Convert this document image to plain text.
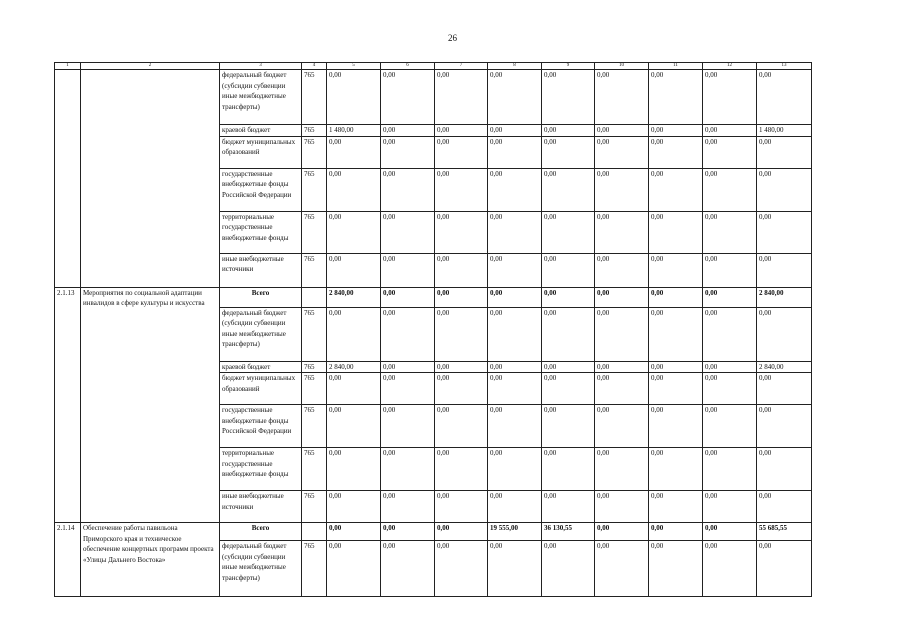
26
1	2	3	4	5	6	7	8	9	10	11	12	13
		федеральный бюджет (субсидии субвенции иные межбюджетные трансферты)	765	0,00	0,00	0,00	0,00	0,00	0,00	0,00	0,00	0,00
		краевой бюджет	765	1 480,00	0,00	0,00	0,00	0,00	0,00	0,00	0,00	1 480,00
		бюджет муниципальных образований	765	0,00	0,00	0,00	0,00	0,00	0,00	0,00	0,00	0,00
		государственные внебюджетные фонды Российской Федерации	765	0,00	0,00	0,00	0,00	0,00	0,00	0,00	0,00	0,00
		территориальные государственные внебюджетные фонды	765	0,00	0,00	0,00	0,00	0,00	0,00	0,00	0,00	0,00
		иные внебюджетные источники	765	0,00	0,00	0,00	0,00	0,00	0,00	0,00	0,00	0,00
2.1.13	Мероприятия по социальной адаптации инвалидов в сфере культуры и искусства	Всего		2 840,00	0,00	0,00	0,00	0,00	0,00	0,00	0,00	2 840,00
		федеральный бюджет (субсидии субвенции иные межбюджетные трансферты)	765	0,00	0,00	0,00	0,00	0,00	0,00	0,00	0,00	0,00
		краевой бюджет	765	2 840,00	0,00	0,00	0,00	0,00	0,00	0,00	0,00	2 840,00
		бюджет муниципальных образований	765	0,00	0,00	0,00	0,00	0,00	0,00	0,00	0,00	0,00
		государственные внебюджетные фонды Российской Федерации	765	0,00	0,00	0,00	0,00	0,00	0,00	0,00	0,00	0,00
		территориальные государственные внебюджетные фонды	765	0,00	0,00	0,00	0,00	0,00	0,00	0,00	0,00	0,00
		иные внебюджетные источники	765	0,00	0,00	0,00	0,00	0,00	0,00	0,00	0,00	0,00
2.1.14	Обеспечение работы павильона Приморского края и техническое обеспечение концертных программ проекта «Улицы Дальнего Востока»	Всего		0,00	0,00	0,00	19 555,00	36 130,55	0,00	0,00	0,00	55 685,55
		федеральный бюджет (субсидии субвенции иные межбюджетные трансферты)	765	0,00	0,00	0,00	0,00	0,00	0,00	0,00	0,00	0,00
